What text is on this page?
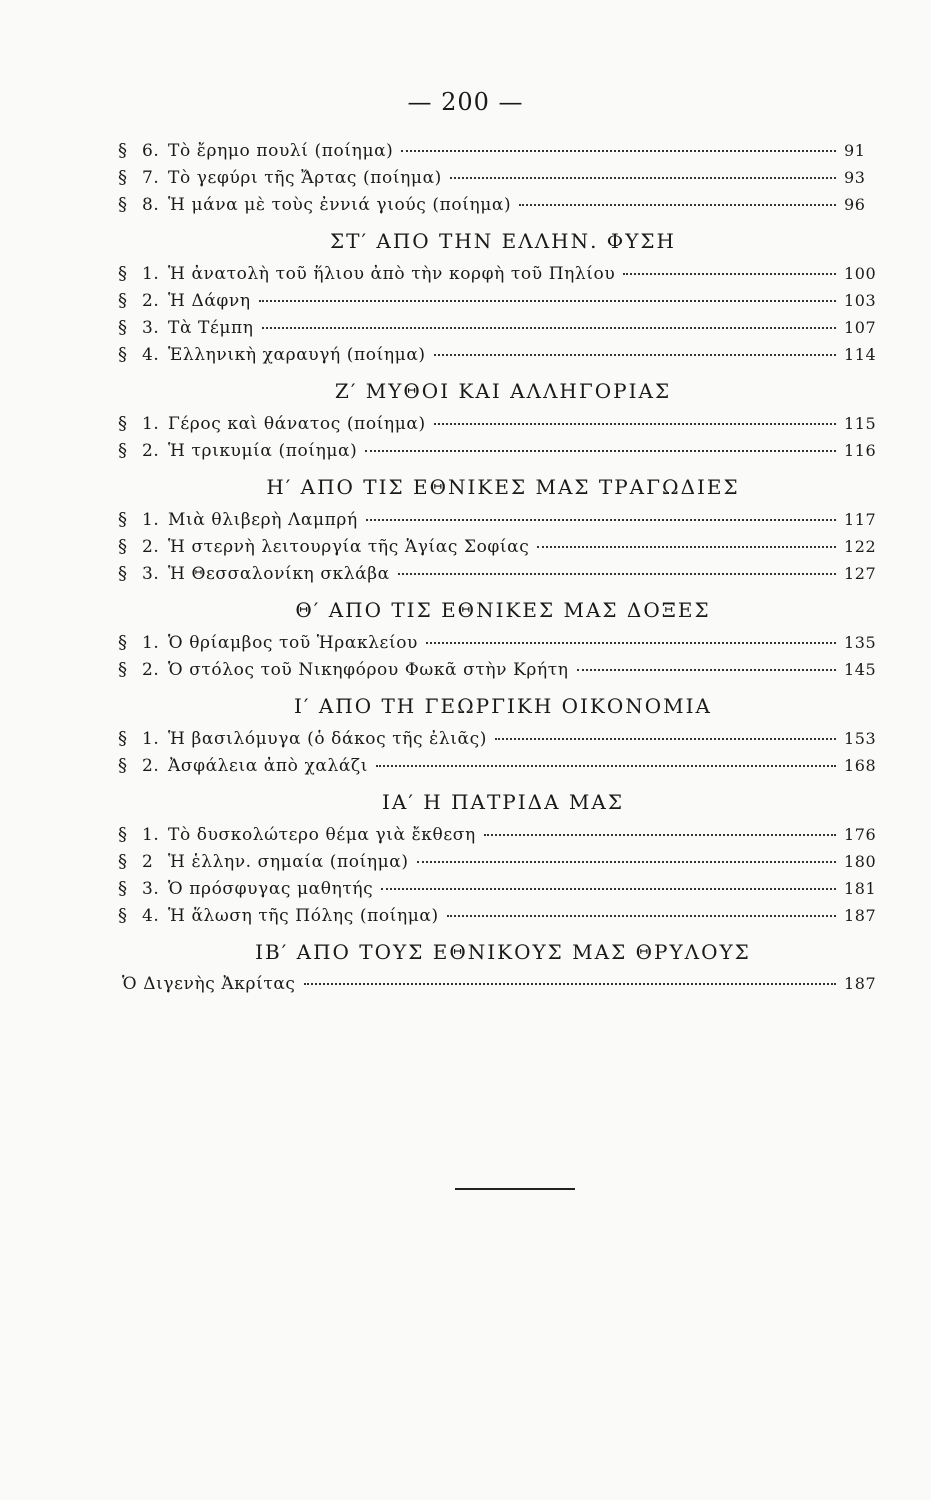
— 200 —
§ 6. Τὸ ἔρημο πουλί (ποίημα)	91
§ 7. Τὸ γεφύρι τῆς Ἄρτας (ποίημα)	93
§ 8. Ἡ μάνα μὲ τοὺς ἐννιά γιούς (ποίημα)	96
ΣΤ′ ΑΠΟ ΤΗΝ ΕΛΛΗΝ. ΦΥΣΗ
§ 1. Ἡ ἀνατολὴ τοῦ ἥλιου ἀπὸ τὴν κορφὴ τοῦ Πηλίου	100
§ 2. Ἡ Δάφνη	103
§ 3. Τὰ Τέμπη	107
§ 4. Ἑλληνικὴ χαραυγή (ποίημα)	114
Ζ′ ΜΥΘΟΙ ΚΑΙ ΑΛΛΗΓΟΡΙΑΣ
§ 1. Γέρος καὶ θάνατος (ποίημα)	115
§ 2. Ἡ τρικυμία (ποίημα)	116
Η′ ΑΠΟ ΤΙΣ ΕΘΝΙΚΕΣ ΜΑΣ ΤΡΑΓΩΔΙΕΣ
§ 1. Μιὰ θλιβερὴ Λαμπρή	117
§ 2. Ἡ στερνὴ λειτουργία τῆς Ἁγίας Σοφίας	122
§ 3. Ἡ Θεσσαλονίκη σκλάβα	127
Θ′ ΑΠΟ ΤΙΣ ΕΘΝΙΚΕΣ ΜΑΣ ΔΟΞΕΣ
§ 1. Ὁ θρίαμβος τοῦ Ἡρακλείου	135
§ 2. Ὁ στόλος τοῦ Νικηφόρου Φωκᾶ στὴν Κρήτη	145
Ι′ ΑΠΟ ΤΗ ΓΕΩΡΓΙΚΗ ΟΙΚΟΝΟΜΙΑ
§ 1. Ἡ βασιλόμυγα (ὁ δάκος τῆς ἐλιᾶς)	153
§ 2. Ἀσφάλεια ἀπὸ χαλάζι	168
ΙΑ′ Η ΠΑΤΡΙΔΑ ΜΑΣ
§ 1. Τὸ δυσκολώτερο θέμα γιὰ ἔκθεση	176
§ 2 Ἡ ἑλλην. σημαία (ποίημα)	180
§ 3. Ὁ πρόσφυγας μαθητής	181
§ 4. Ἡ ἅλωση τῆς Πόλης (ποίημα)	187
ΙΒ′ ΑΠΟ ΤΟΥΣ ΕΘΝΙΚΟΥΣ ΜΑΣ ΘΡΥΛΟΥΣ
Ὁ Διγενὴς Ἀκρίτας	187
